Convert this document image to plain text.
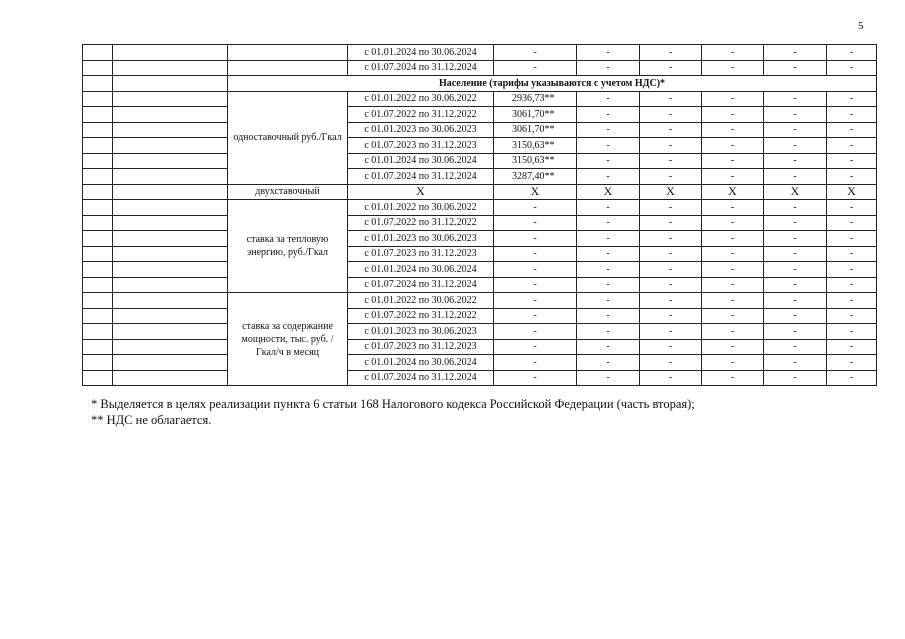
5
			с 01.01.2024 по 30.06.2024	-	-	-	-	-	-
			с 01.07.2024 по 31.12.2024	-	-	-	-	-	-
		Население (тарифы указываются с учетом НДС)*							
		одноставочный руб./Гкал	с 01.01.2022 по 30.06.2022	2936,73**	-	-	-	-	-
			с 01.07.2022 по 31.12.2022	3061,70**	-	-	-	-	-
			с 01.01.2023 по 30.06.2023	3061,70**	-	-	-	-	-
			с 01.07.2023 по 31.12.2023	3150,63**	-	-	-	-	-
			с 01.01.2024 по 30.06.2024	3150,63**	-	-	-	-	-
			с 01.07.2024 по 31.12.2024	3287,40**	-	-	-	-	-
		двухставочный	Х	Х	Х	Х	Х	Х	Х
		ставка за тепловую энергию, руб./Гкал	с 01.01.2022 по 30.06.2022	-	-	-	-	-	-
			с 01.07.2022 по 31.12.2022	-	-	-	-	-	-
			с 01.01.2023 по 30.06.2023	-	-	-	-	-	-
			с 01.07.2023 по 31.12.2023	-	-	-	-	-	-
			с 01.01.2024 по 30.06.2024	-	-	-	-	-	-
			с 01.07.2024 по 31.12.2024	-	-	-	-	-	-
		ставка за содержание мощности, тыс. руб. /Гкал/ч в месяц	с 01.01.2022 по 30.06.2022	-	-	-	-	-	-
			с 01.07.2022 по 31.12.2022	-	-	-	-	-	-
			с 01.01.2023 по 30.06.2023	-	-	-	-	-	-
			с 01.07.2023 по 31.12.2023	-	-	-	-	-	-
			с 01.01.2024 по 30.06.2024	-	-	-	-	-	-
			с 01.07.2024 по 31.12.2024	-	-	-	-	-	-
* Выделяется в целях реализации пункта 6 статьи 168 Налогового кодекса Российской Федерации (часть вторая);
** НДС не облагается.
